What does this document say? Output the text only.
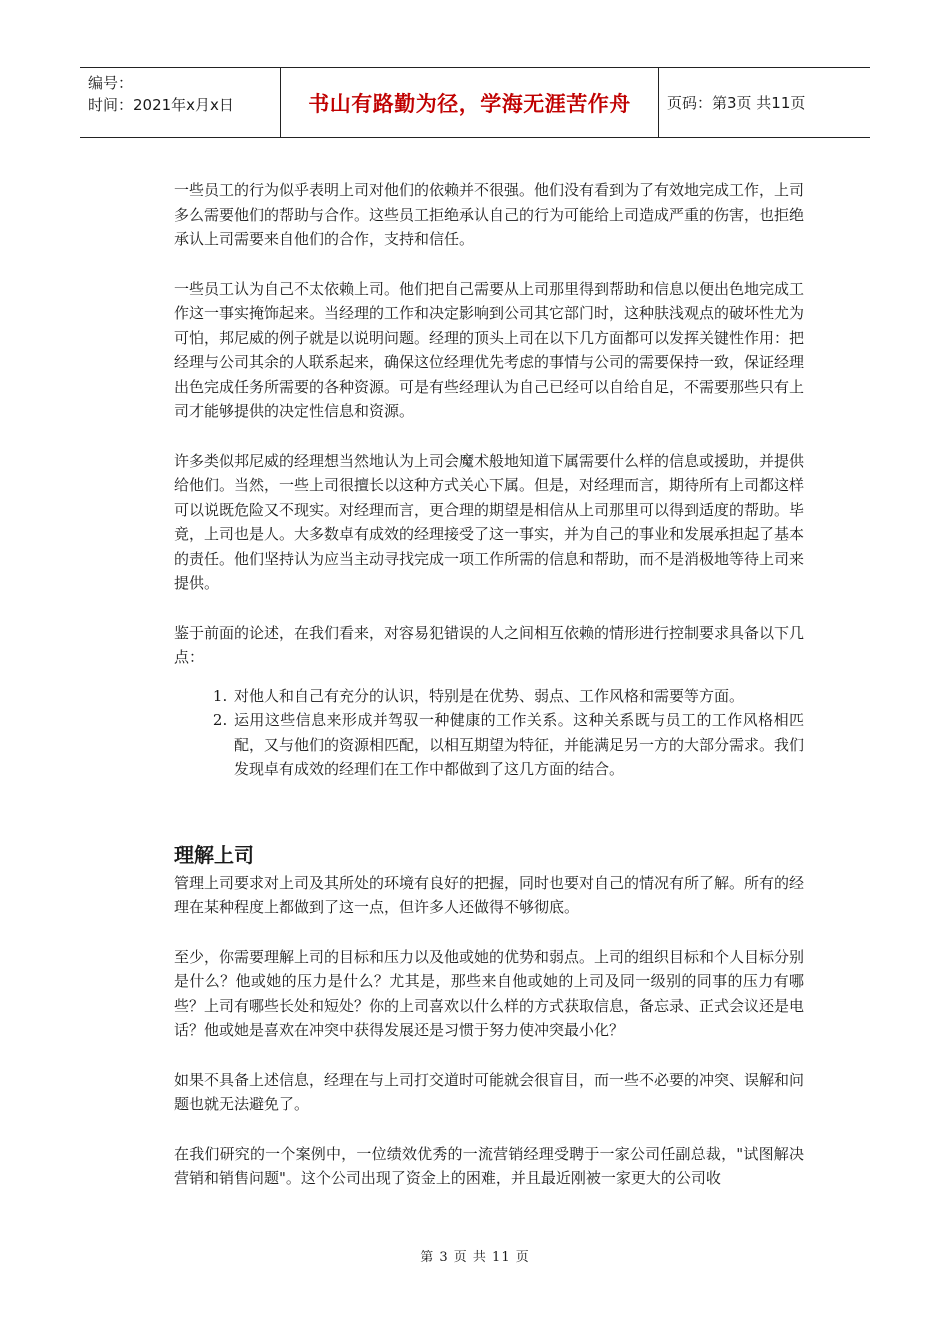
编号：
时间：2021年x月x日	书山有路勤为径，学海无涯苦作舟	页码：第3页 共11页

一些员工的行为似乎表明上司对他们的依赖并不很强。他们没有看到为了有效地完成工作，上司多么需要他们的帮助与合作。这些员工拒绝承认自己的行为可能给上司造成严重的伤害，也拒绝承认上司需要来自他们的合作，支持和信任。

一些员工认为自己不太依赖上司。他们把自己需要从上司那里得到帮助和信息以便出色地完成工作这一事实掩饰起来。当经理的工作和决定影响到公司其它部门时，这种肤浅观点的破坏性尤为可怕，邦尼威的例子就是以说明问题。经理的顶头上司在以下几方面都可以发挥关键性作用：把经理与公司其余的人联系起来，确保这位经理优先考虑的事情与公司的需要保持一致，保证经理出色完成任务所需要的各种资源。可是有些经理认为自己已经可以自给自足，不需要那些只有上司才能够提供的决定性信息和资源。

许多类似邦尼威的经理想当然地认为上司会魔术般地知道下属需要什么样的信息或援助，并提供给他们。当然，一些上司很擅长以这种方式关心下属。但是，对经理而言，期待所有上司都这样可以说既危险又不现实。对经理而言，更合理的期望是相信从上司那里可以得到适度的帮助。毕竟，上司也是人。大多数卓有成效的经理接受了这一事实，并为自己的事业和发展承担起了基本的责任。他们坚持认为应当主动寻找完成一项工作所需的信息和帮助，而不是消极地等待上司来提供。

鉴于前面的论述，在我们看来，对容易犯错误的人之间相互依赖的情形进行控制要求具备以下几点：

1. 对他人和自己有充分的认识，特别是在优势、弱点、工作风格和需要等方面。
2. 运用这些信息来形成并驾驭一种健康的工作关系。这种关系既与员工的工作风格相匹配，又与他们的资源相匹配，以相互期望为特征，并能满足另一方的大部分需求。我们发现卓有成效的经理们在工作中都做到了这几方面的结合。
理解上司

管理上司要求对上司及其所处的环境有良好的把握，同时也要对自己的情况有所了解。所有的经理在某种程度上都做到了这一点，但许多人还做得不够彻底。

至少，你需要理解上司的目标和压力以及他或她的优势和弱点。上司的组织目标和个人目标分别是什么？他或她的压力是什么？尤其是，那些来自他或她的上司及同一级别的同事的压力有哪些？上司有哪些长处和短处？你的上司喜欢以什么样的方式获取信息，备忘录、正式会议还是电话？他或她是喜欢在冲突中获得发展还是习惯于努力使冲突最小化？

如果不具备上述信息，经理在与上司打交道时可能就会很盲目，而一些不必要的冲突、误解和问题也就无法避免了。

在我们研究的一个案例中，一位绩效优秀的一流营销经理受聘于一家公司任副总裁，"试图解决营销和销售问题"。这个公司出现了资金上的困难，并且最近刚被一家更大的公司收

第 3 页 共 11 页
